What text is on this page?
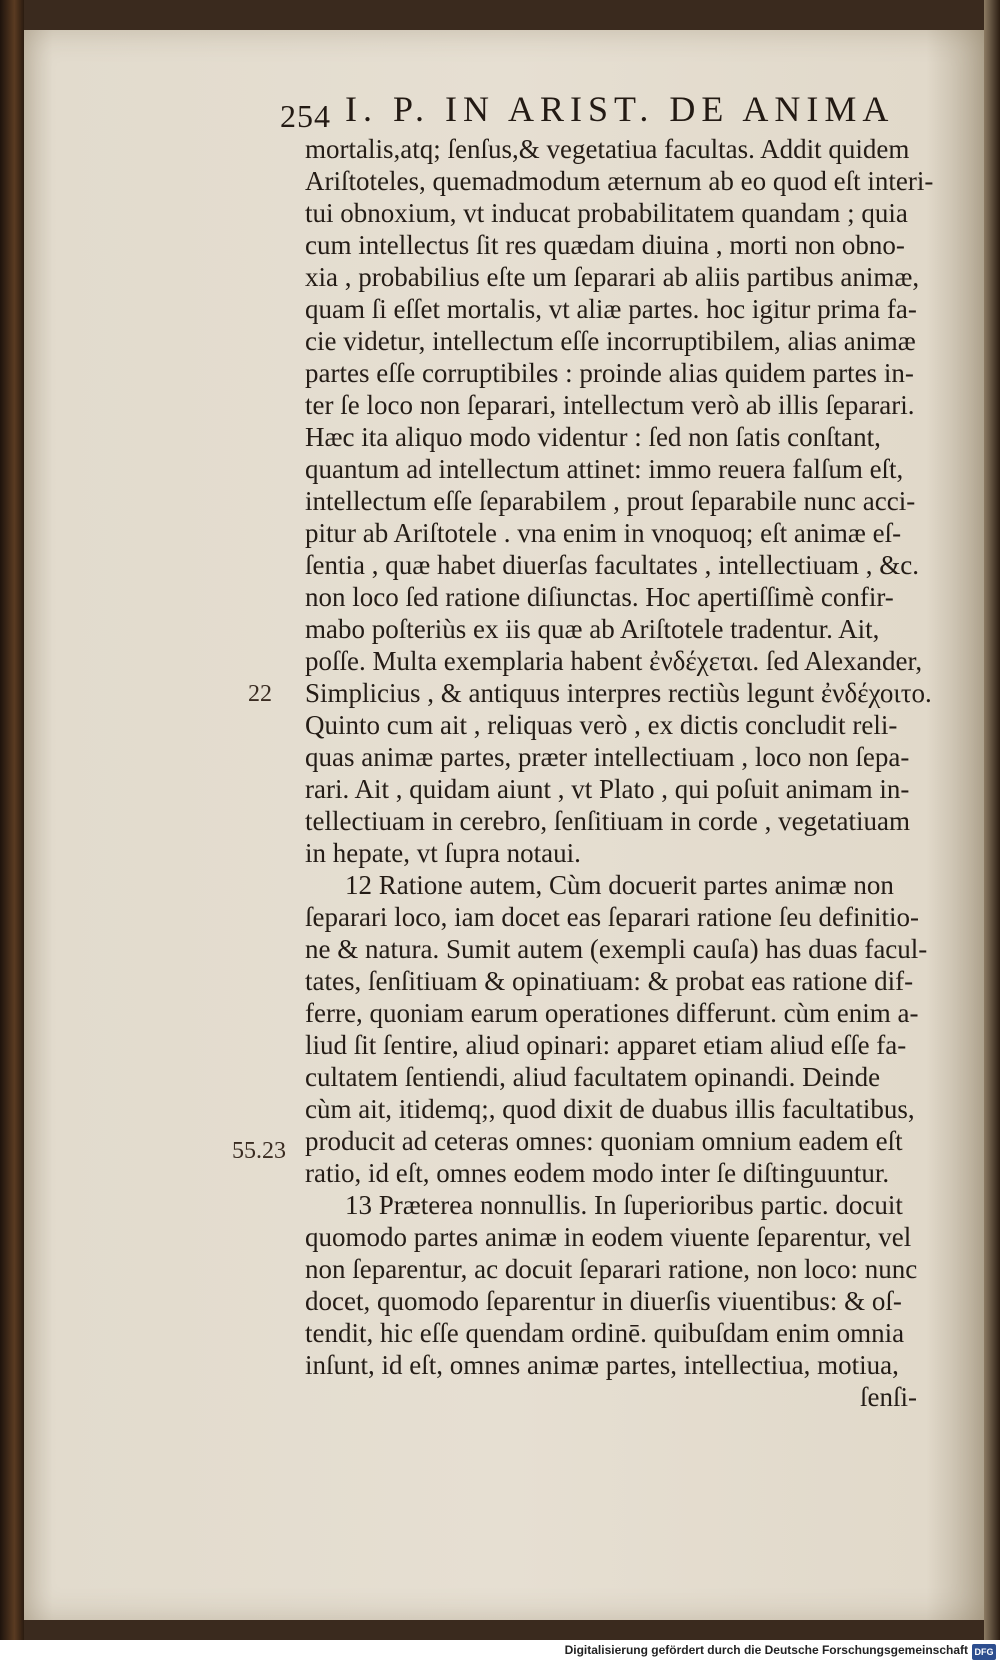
254 I. P. IN ARIST. DE ANIMA
22
55.23
mortalis,atq; ſenſus,& vegetatiua facultas. Addit quidem
Ariſtoteles, quemadmodum æternum ab eo quod eſt interi-
tui obnoxium, vt inducat probabilitatem quandam ; quia
cum intellectus ſit res quædam diuina , morti non obno-
xia , probabilius eſte um ſeparari ab aliis partibus animæ,
quam ſi eſſet mortalis, vt aliæ partes. hoc igitur prima fa-
cie videtur, intellectum eſſe incorruptibilem, alias animæ
partes eſſe corruptibiles : proinde alias quidem partes in-
ter ſe loco non ſeparari, intellectum verò ab illis ſeparari.
Hæc ita aliquo modo videntur : ſed non ſatis conſtant,
quantum ad intellectum attinet: immo reuera falſum eſt,
intellectum eſſe ſeparabilem , prout ſeparabile nunc acci-
pitur ab Ariſtotele . vna enim in vnoquoq; eſt animæ eſ-
ſentia , quæ habet diuerſas facultates , intellectiuam , &c.
non loco ſed ratione diſiunctas. Hoc apertiſſimè confir-
mabo poſteriùs ex iis quæ ab Ariſtotele tradentur. Ait,
poſſe. Multa exemplaria habent ἐνδέχεται. ſed Alexander,
Simplicius , & antiquus interpres rectiùs legunt ἐνδέχοιτο.
Quinto cum ait , reliquas verò , ex dictis concludit reli-
quas animæ partes, præter intellectiuam , loco non ſepa-
rari. Ait , quidam aiunt , vt Plato , qui poſuit animam in-
tellectiuam in cerebro, ſenſitiuam in corde , vegetatiuam
in hepate, vt ſupra notaui.
12 Ratione autem, Cùm docuerit partes animæ non
ſeparari loco, iam docet eas ſeparari ratione ſeu definitio-
ne & natura. Sumit autem (exempli cauſa) has duas facul-
tates, ſenſitiuam & opinatiuam: & probat eas ratione dif-
ferre, quoniam earum operationes differunt. cùm enim a-
liud ſit ſentire, aliud opinari: apparet etiam aliud eſſe fa-
cultatem ſentiendi, aliud facultatem opinandi. Deinde
cùm ait, itidemq;, quod dixit de duabus illis facultatibus,
producit ad ceteras omnes: quoniam omnium eadem eſt
ratio, id eſt, omnes eodem modo inter ſe diſtinguuntur.
13 Præterea nonnullis. In ſuperioribus partic. docuit
quomodo partes animæ in eodem viuente ſeparentur, vel
non ſeparentur, ac docuit ſeparari ratione, non loco: nunc
docet, quomodo ſeparentur in diuerſis viuentibus: & oſ-
tendit, hic eſſe quendam ordinē. quibuſdam enim omnia
inſunt, id eſt, omnes animæ partes, intellectiua, motiua,
ſenſi-
Digitalisierung gefördert durch die Deutsche Forschungsgemeinschaft DFG
